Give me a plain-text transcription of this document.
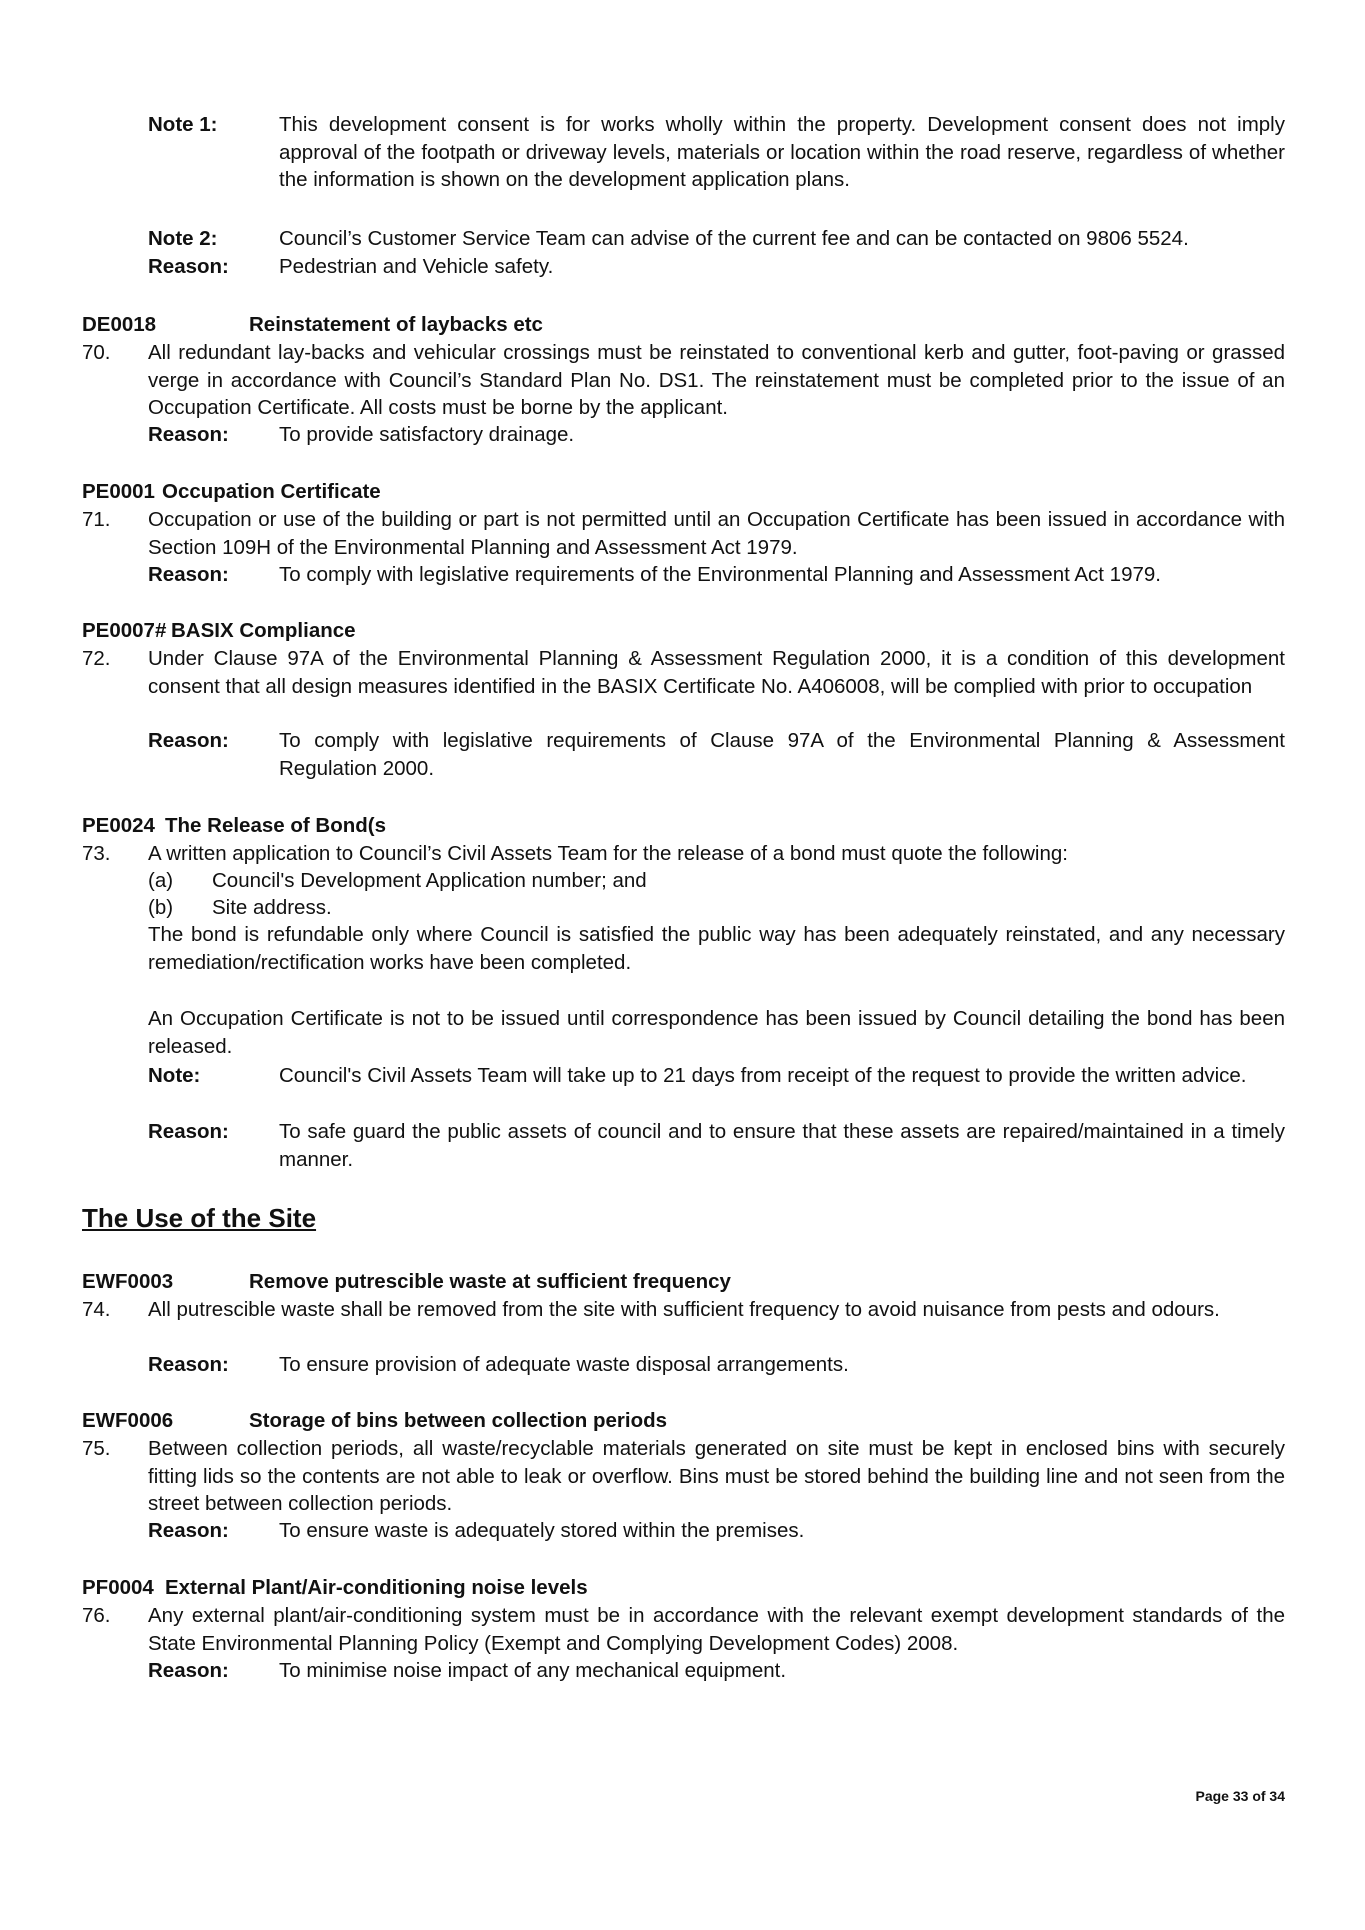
Note 1:	This development consent is for works wholly within the property. Development consent does not imply approval of the footpath or driveway levels, materials or location within the road reserve, regardless of whether the information is shown on the development application plans.
Note 2:	Council’s Customer Service Team can advise of the current fee and can be contacted on 9806 5524.
Reason: Pedestrian and Vehicle safety.
DE0018	Reinstatement of laybacks etc
70. All redundant lay-backs and vehicular crossings must be reinstated to conventional kerb and gutter, foot-paving or grassed verge in accordance with Council’s Standard Plan No. DS1. The reinstatement must be completed prior to the issue of an Occupation Certificate. All costs must be borne by the applicant.
Reason: To provide satisfactory drainage.
PE0001 Occupation Certificate
71. Occupation or use of the building or part is not permitted until an Occupation Certificate has been issued in accordance with Section 109H of the Environmental Planning and Assessment Act 1979.
Reason: To comply with legislative requirements of the Environmental Planning and Assessment Act 1979.
PE0007# BASIX Compliance
72. Under Clause 97A of the Environmental Planning & Assessment Regulation 2000, it is a condition of this development consent that all design measures identified in the BASIX Certificate No. A406008, will be complied with prior to occupation
Reason: To comply with legislative requirements of Clause 97A of the Environmental Planning & Assessment Regulation 2000.
PE0024 The Release of Bond(s
73. A written application to Council’s Civil Assets Team for the release of a bond must quote the following:
(a) Council's Development Application number; and
(b) Site address.
The bond is refundable only where Council is satisfied the public way has been adequately reinstated, and any necessary remediation/rectification works have been completed.
An Occupation Certificate is not to be issued until correspondence has been issued by Council detailing the bond has been released.
Note:	Council's Civil Assets Team will take up to 21 days from receipt of the request to provide the written advice.
Reason: To safe guard the public assets of council and to ensure that these assets are repaired/maintained in a timely manner.
The Use of the Site
EWF0003	Remove putrescible waste at sufficient frequency
74. All putrescible waste shall be removed from the site with sufficient frequency to avoid nuisance from pests and odours.
Reason: To ensure provision of adequate waste disposal arrangements.
EWF0006	Storage of bins between collection periods
75. Between collection periods, all waste/recyclable materials generated on site must be kept in enclosed bins with securely fitting lids so the contents are not able to leak or overflow. Bins must be stored behind the building line and not seen from the street between collection periods.
Reason: To ensure waste is adequately stored within the premises.
PF0004 External Plant/Air-conditioning noise levels
76. Any external plant/air-conditioning system must be in accordance with the relevant exempt development standards of the State Environmental Planning Policy (Exempt and Complying Development Codes) 2008.
Reason: To minimise noise impact of any mechanical equipment.
Page 33 of 34
